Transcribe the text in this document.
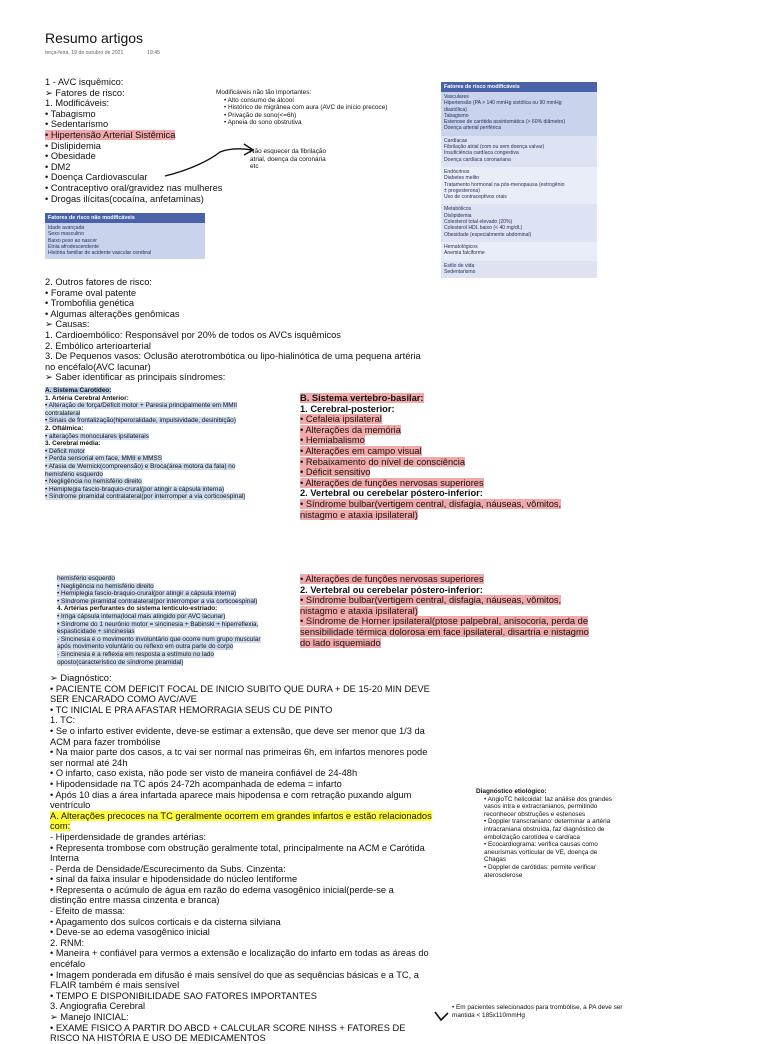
Resumo artigos
terça-feira, 19 de outubro de 2021	19:45
1 - AVC isquêmico:
➢ Fatores de risco:
1. Modificáveis:
• Tabagismo
• Sedentarismo
• Hipertensão Arterial Sistêmica
• Dislipidemia
• Obesidade
• DM2
• Doença Cardiovascular
• Contraceptivo oral/gravidez nas mulheres
• Drogas ilícitas(cocaína, anfetaminas)
Modificáveis não tão importantes:
• Alto consumo de álcool
• Histórico de migrânea com aura (AVC de início precoce)
• Privação de sono(<=6h)
• Apneia do sono obstrutiva
Não esquecer da fibrilação
atrial, doença da coronária
etc
Fatores de risco não modificáveis
Idade avançada
Sexo masculino
Baixo peso ao nascer
Etnia afrodescendente
História familiar de acidente vascular cerebral
Fatores de risco modificáveis
Vasculares
Hipertensão (PA > 140 mmHg sistólica ou 90 mmHg
diastólica)
Tabagismo
Estenose de carótida assintomática (> 60% diâmetro)
Doença arterial periférica
Cardíacas
Fibrilação atrial (com ou sem doença valvar)
Insuficiência cardíaca congestiva
Doença cardíaca coronariana
Endócrinos
Diabetes melito
Tratamento hormonal na pós-menopausa (estrogênio
± progesterona)
Uso de contraceptivos orais
Metabólicos
Dislipidemia
Colesterol total elevado (20%)
Colesterol HDL baixo (< 40 mg/dL)
Obesidade (especialmente abdominal)
Hematológicos
Anemia falciforme
Estilo de vida
Sedentarismo
2. Outros fatores de risco:
• Forame oval patente
• Trombofilia genética
• Algumas alterações genômicas
➢ Causas:
1. Cardioembólico: Responsável por 20% de todos os AVCs isquêmicos
2. Embólico arterioarterial
3. De Pequenos vasos: Oclusão aterotrombótica ou lipo-hialinótica de uma pequena artéria
no encéfalo(AVC lacunar)
➢ Saber identificar as principais síndromes:
A. Sistema Carotídeo:
1. Artéria Cerebral Anterior:
• Alteração de força/Déficit motor + Paresia principalmente em MMII
contralateral
• Sinais de frontalização(hiperoralidade, impulsividade, desinibição)
2. Oftálmica:
• alterações monoculares ipsilaterais
3. Cerebral média:
• Déficit motor
• Perda sensorial em face, MMII e MMSS
• Afasia de Wernick(compreensão) e Broca(área motora da fala) no
hemisfério esquerdo
• Negligência no hemisfério direito
• Hemiplegia fascio-braquio-crural(por atingir a cápsula interna)
• Síndrome piramidal contralateral(por interromper a via corticoespinal)
B. Sistema vertebro-basilar:
1. Cerebral-posterior:
• Cefaleia ipsilateral
• Alterações da memória
• Hemiabalismo
• Alterações em campo visual
• Rebaixamento do nível de consciência
• Déficit sensitivo
• Alterações de funções nervosas superiores
2. Vertebral ou cerebelar póstero-inferior:
• Síndrome bulbar(vertigem central, disfagia, náuseas, vômitos,
nistagmo e ataxia ipsilateral)
hemisfério esquerdo
• Negligência no hemisfério direito
• Hemiplegia fascio-braquio-crural(por atingir a cápsula interna)
• Síndrome piramidal contralateral(por interromper a via corticoespinal)
4. Artérias perfurantes do sistema lenticulo-estriado:
• Irriga cápsula interna(local mais atingido por AVC lacunar)
• Síndrome do 1 neurônio motor = sincinesia + Babinski + hiperreflexia,
espasticidade + sincinesias
- Sincinesia é o movimento involuntário que ocorre num grupo muscular
após movimento voluntário ou reflexo em outra parte do corpo
- Sincinesia é a reflexia em resposta a estímulo no lado
oposto(característico de síndrome piramidal)
• Alterações de funções nervosas superiores
2. Vertebral ou cerebelar póstero-inferior:
• Síndrome bulbar(vertigem central, disfagia, náuseas, vômitos,
nistagmo e ataxia ipsilateral)
• Síndrome de Horner ipsilateral(ptose palpebral, anisocoria, perda de
sensibilidade térmica dolorosa em face ipsilateral, disartria e nistagmo
do lado isquemiado
➢ Diagnóstico:
• PACIENTE COM DEFICIT FOCAL DE INICIO SUBITO QUE DURA + DE 15-20 MIN DEVE
SER ENCARADO COMO AVC/AVE
• TC INICIAL E PRA AFASTAR HEMORRAGIA SEUS CU DE PINTO
1. TC:
• Se o infarto estiver evidente, deve-se estimar a extensão, que deve ser menor que 1/3 da
ACM para fazer trombólise
• Na maior parte dos casos, a tc vai ser normal nas primeiras 6h, em infartos menores pode
ser normal até 24h
• O infarto, caso exista, não pode ser visto de maneira confiável de 24-48h
• Hipodensidade na TC após 24-72h acompanhada de edema = infarto
• Após 10 dias a área infartada aparece mais hipodensa e com retração puxando algum
ventrículo
A. Alterações precoces na TC geralmente ocorrem em grandes infartos e estão relacionados
com:
- Hiperdensidade de grandes artérias:
• Representa trombose com obstrução geralmente total, principalmente na ACM e Carótida
Interna
- Perda de Densidade/Escurecimento da Subs. Cinzenta:
• sinal da faixa insular e hipodensidade do núcleo lentiforme
• Representa o acúmulo de água em razão do edema vasogênico inicial(perde-se a
distinção entre massa cinzenta e branca)
- Efeito de massa:
• Apagamento dos sulcos corticais e da cisterna silviana
• Deve-se ao edema vasogênico inicial
2. RNM:
• Maneira + confiável para vermos a extensão e localização do infarto em todas as áreas do
encéfalo
• Imagem ponderada em difusão é mais sensível do que as sequências básicas e a TC, a
FLAIR também é mais sensível
• TEMPO E DISPONIBILIDADE SAO FATORES IMPORTANTES
3. Angiografia Cerebral
➢ Manejo INICIAL:
• EXAME FISICO A PARTIR DO ABCD + CALCULAR SCORE NIHSS + FATORES DE
RISCO NA HISTÓRIA E USO DE MEDICAMENTOS
Diagnóstico etiológico:
• AngioTC helicoidal: faz análise dos grandes
vasos intra e extracranianos, permitindo
reconhecer obstruções e estenoses
• Doppler transcraniano: determinar a artéria
intracraniana obstruída, faz diagnóstico de
embolização carotídea e cardíaca
• Ecocardiograma: verifica causas como
aneurismas vorticular de VE, doença de
Chagas
• Doppler de carótidas: permite verificar
aterosclerose
• Em pacientes selecionados para trombólise, a PA deve ser
mantida < 185x110mmHg
